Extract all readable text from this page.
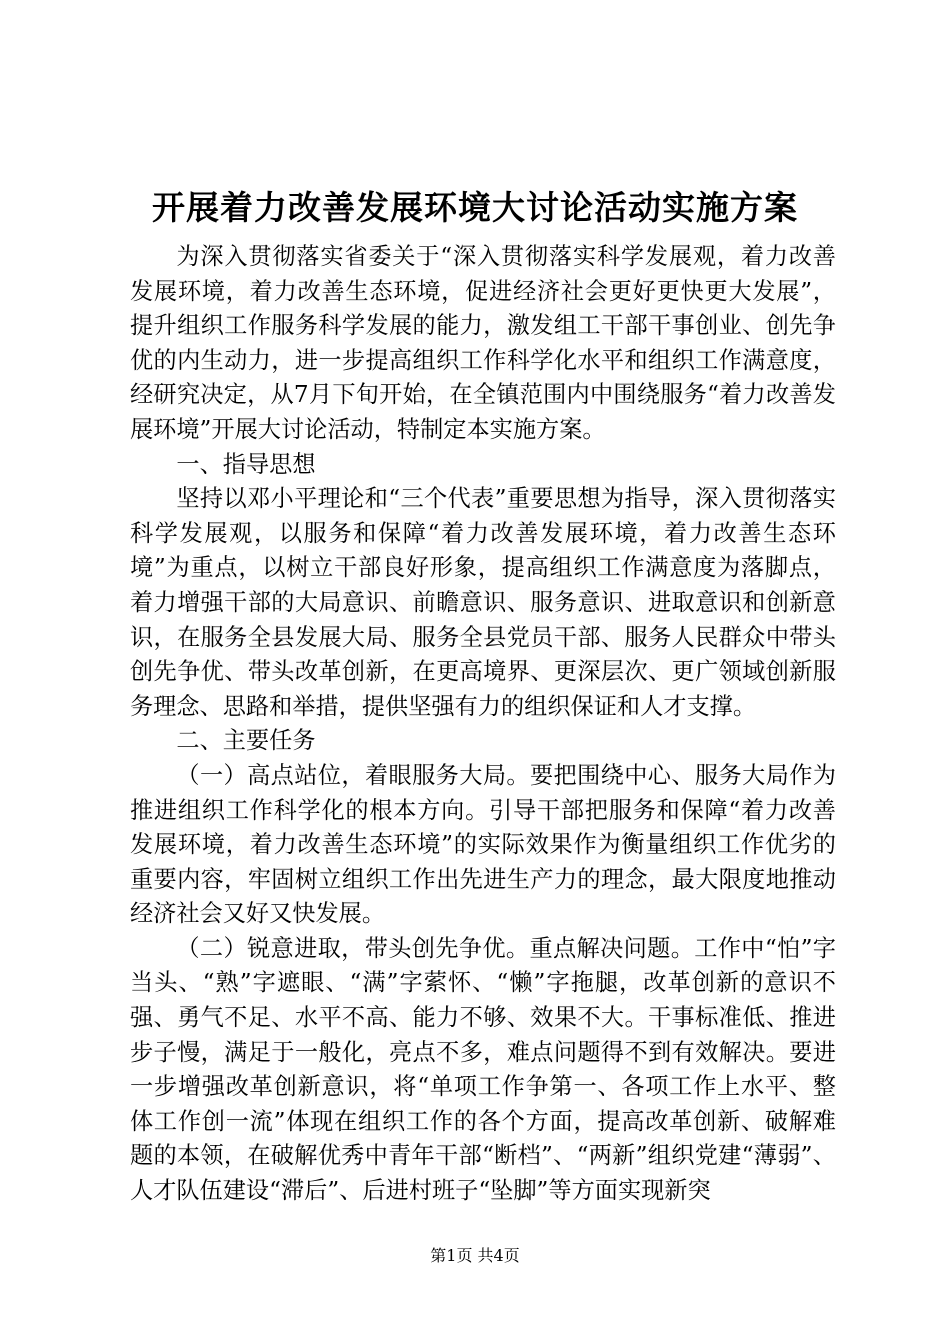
开展着力改善发展环境大讨论活动实施方案

为深入贯彻落实省委关于“深入贯彻落实科学发展观，着力改善发展环境，着力改善生态环境，促进经济社会更好更快更大发展”，提升组织工作服务科学发展的能力，激发组工干部干事创业、创先争优的内生动力，进一步提高组织工作科学化水平和组织工作满意度，经研究决定，从7月下旬开始，在全镇范围内中围绕服务“着力改善发展环境”开展大讨论活动，特制定本实施方案。

一、指导思想

坚持以邓小平理论和“三个代表”重要思想为指导，深入贯彻落实科学发展观，以服务和保障“着力改善发展环境，着力改善生态环境”为重点，以树立干部良好形象，提高组织工作满意度为落脚点，着力增强干部的大局意识、前瞻意识、服务意识、进取意识和创新意识，在服务全县发展大局、服务全县党员干部、服务人民群众中带头创先争优、带头改革创新，在更高境界、更深层次、更广领域创新服务理念、思路和举措，提供坚强有力的组织保证和人才支撑。

二、主要任务

（一）高点站位，着眼服务大局。要把围绕中心、服务大局作为推进组织工作科学化的根本方向。引导干部把服务和保障“着力改善发展环境，着力改善生态环境”的实际效果作为衡量组织工作优劣的重要内容，牢固树立组织工作出先进生产力的理念，最大限度地推动经济社会又好又快发展。

（二）锐意进取，带头创先争优。重点解决问题。工作中“怕”字当头、“熟”字遮眼、“满”字萦怀、“懒”字拖腿，改革创新的意识不强、勇气不足、水平不高、能力不够、效果不大。干事标准低、推进步子慢，满足于一般化，亮点不多，难点问题得不到有效解决。要进一步增强改革创新意识，将“单项工作争第一、各项工作上水平、整体工作创一流”体现在组织工作的各个方面，提高改革创新、破解难题的本领，在破解优秀中青年干部“断档”、“两新”组织党建“薄弱”、人才队伍建设“滞后”、后进村班子“坠脚”等方面实现新突

第1页 共4页
